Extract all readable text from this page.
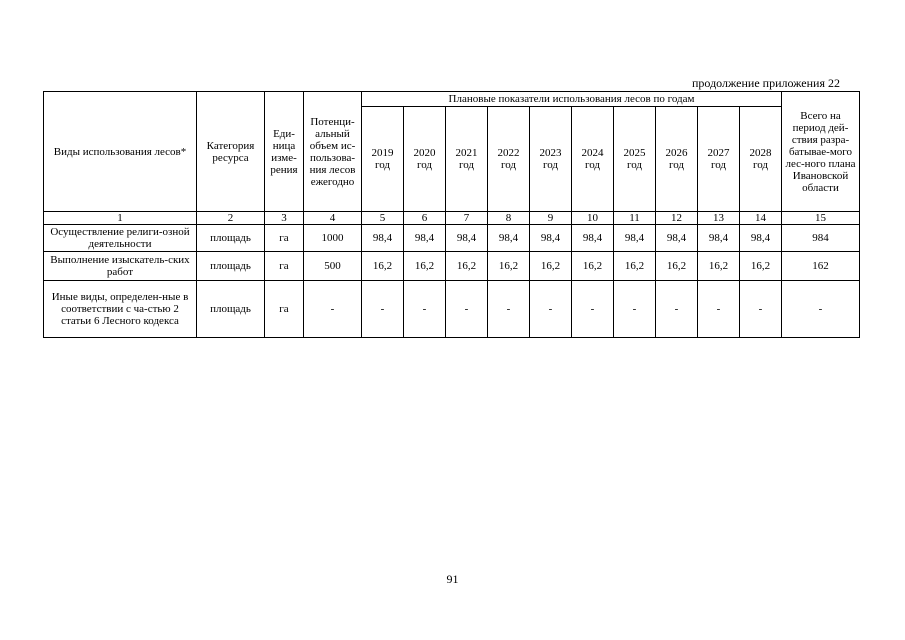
продолжение приложения 22
Виды использования лесов*	Категория ресурса	Еди-ница изме-рения	Потенци-альный объем ис-пользова-ния лесов ежегодно	Плановые показатели использования лесов по годам										Всего на период дей-ствия разра-батывае-мого лес-ного плана Ивановской области
				2019 год	2020 год	2021 год	2022 год	2023 год	2024 год	2025 год	2026 год	2027 год	2028 год	
1	2	3	4	5	6	7	8	9	10	11	12	13	14	15
Осуществление религи-озной деятельности	площадь	га	1000	98,4	98,4	98,4	98,4	98,4	98,4	98,4	98,4	98,4	98,4	984
Выполнение изыскатель-ских работ	площадь	га	500	16,2	16,2	16,2	16,2	16,2	16,2	16,2	16,2	16,2	16,2	162
Иные виды, определен-ные в соответствии с ча-стью 2 статьи 6 Лесного кодекса	площадь	га	-	-	-	-	-	-	-	-	-	-	-	-
91
